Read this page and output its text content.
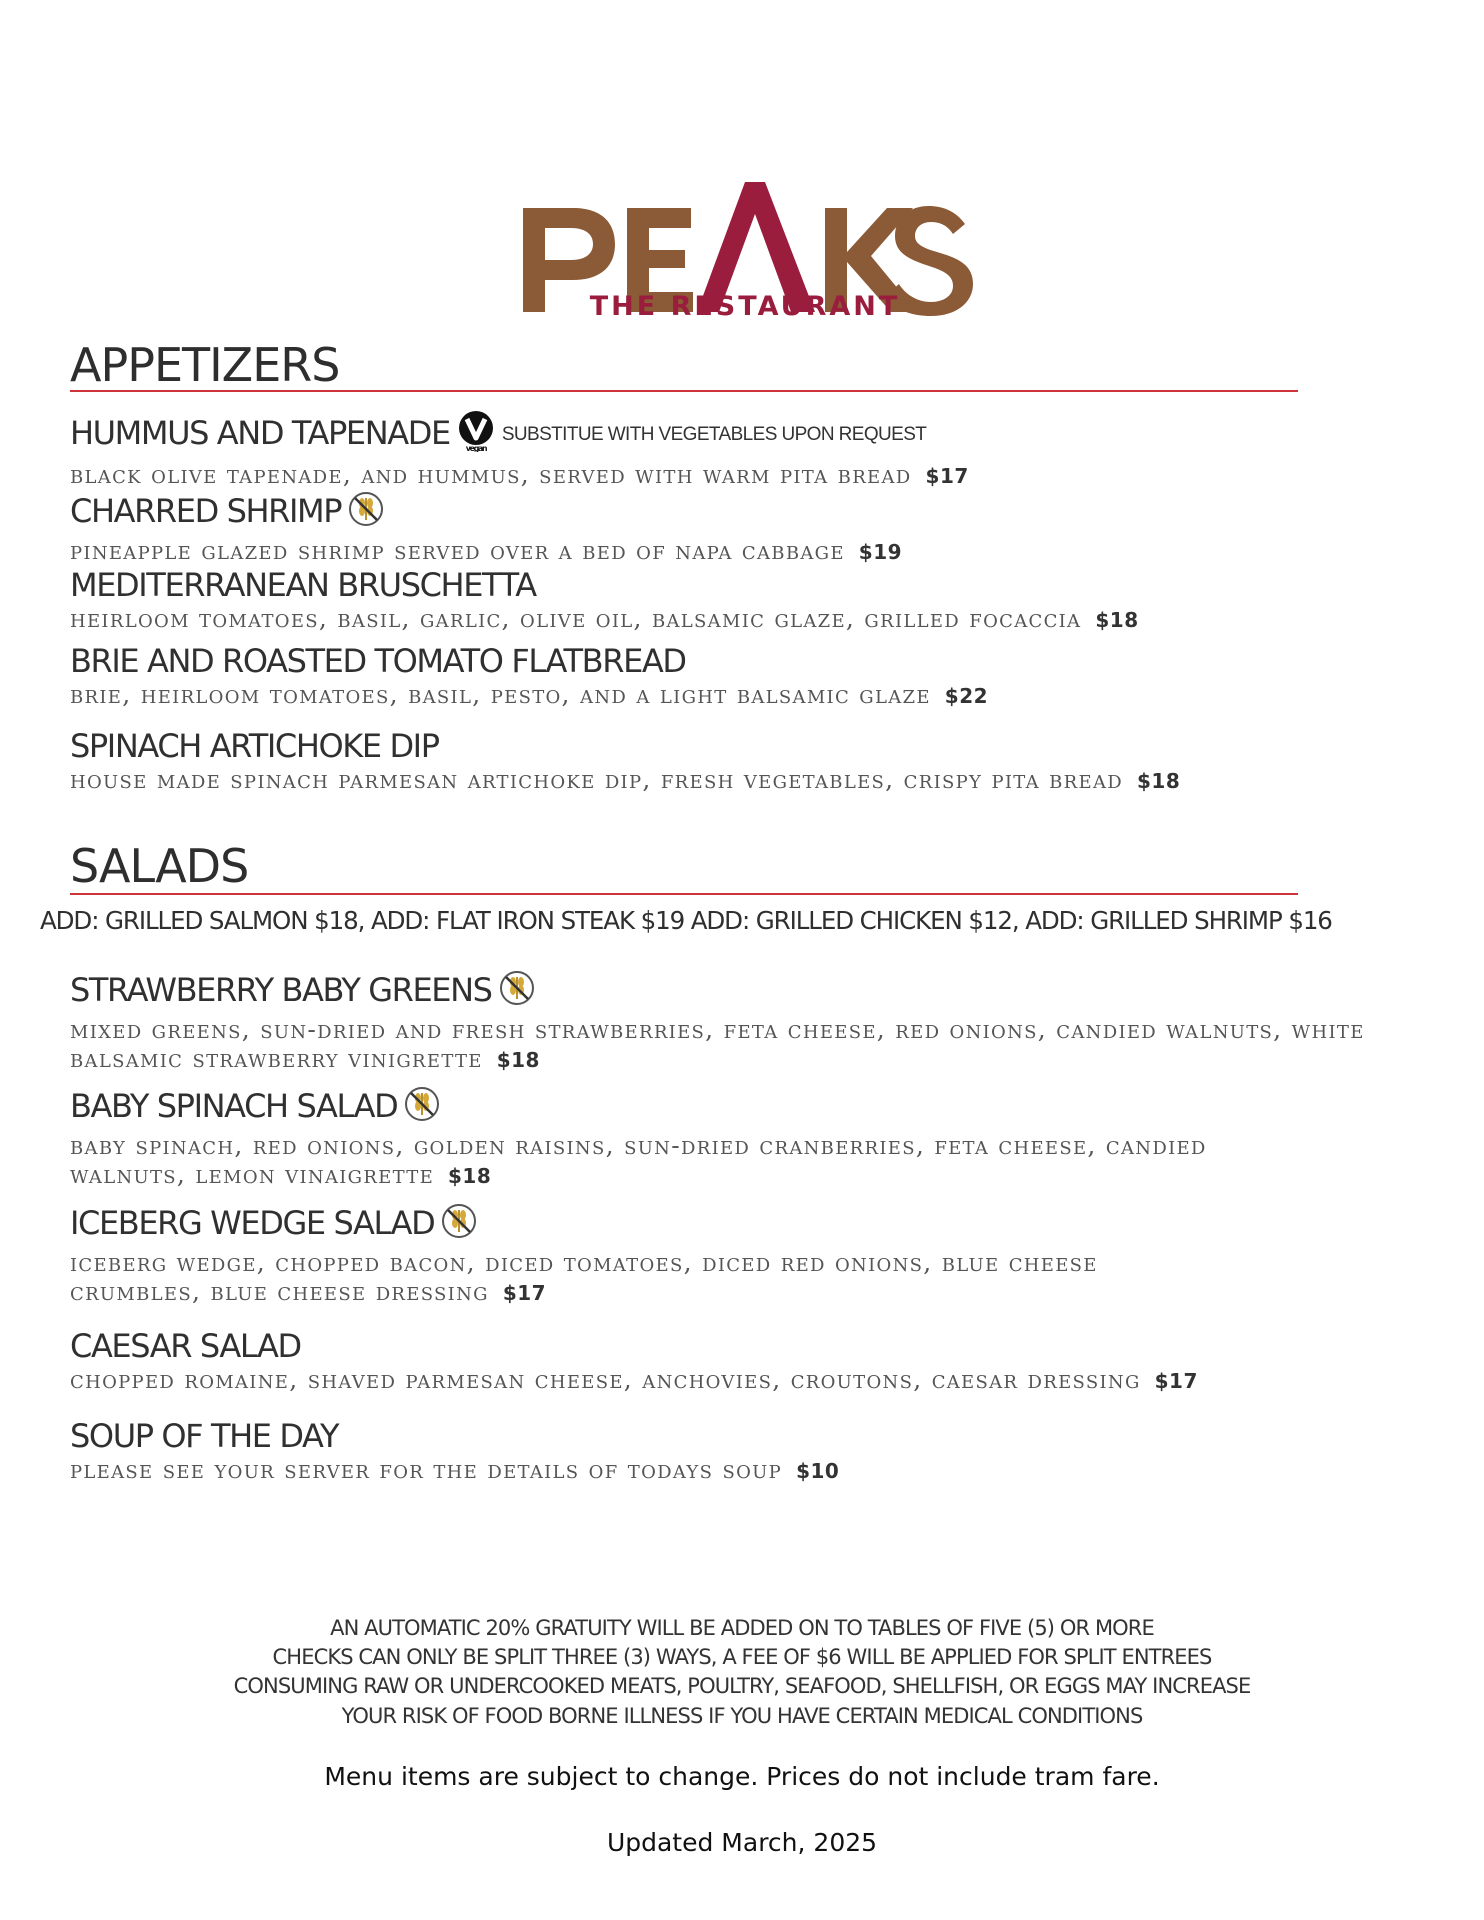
THE RESTAURANT
APPETIZERS
HUMMUS AND TAPENADE vegan
SUBSTITUE WITH VEGETABLES UPON REQUEST
black olive tapenade, and hummus, served with warm pita bread $17
CHARRED SHRIMP
pineapple glazed shrimp served over a bed of napa cabbage $19
MEDITERRANEAN BRUSCHETTA
heirloom tomatoes, basil, garlic, olive oil, balsamic glaze, grilled focaccia $18
BRIE AND ROASTED TOMATO FLATBREAD
brie, heirloom tomatoes, basil, pesto, and a light balsamic glaze $22
SPINACH ARTICHOKE DIP
house made spinach parmesan artichoke dip, fresh vegetables, crispy pita bread $18
SALADS
ADD: GRILLED SALMON $18, ADD: FLAT IRON STEAK $19 ADD: GRILLED CHICKEN $12, ADD: GRILLED SHRIMP $16
STRAWBERRY BABY GREENS
mixed greens, sun-dried and fresh strawberries, feta cheese, red onions, candied walnuts, white balsamic strawberry vinigrette $18
BABY SPINACH SALAD
baby spinach, red onions, golden raisins, sun-dried cranberries, feta cheese, candied walnuts, lemon vinaigrette $18
ICEBERG WEDGE SALAD
iceberg wedge, chopped bacon, diced tomatoes, diced red onions, blue cheese crumbles, blue cheese dressing $17
CAESAR SALAD
chopped romaine, shaved parmesan cheese, anchovies, croutons, caesar dressing $17
SOUP OF THE DAY
please see your server for the details of todays soup $10
AN AUTOMATIC 20% GRATUITY WILL BE ADDED ON TO TABLES OF FIVE (5) OR MORE
CHECKS CAN ONLY BE SPLIT THREE (3) WAYS, A FEE OF $6 WILL BE APPLIED FOR SPLIT ENTREES
CONSUMING RAW OR UNDERCOOKED MEATS, POULTRY, SEAFOOD, SHELLFISH, OR EGGS MAY INCREASE
YOUR RISK OF FOOD BORNE ILLNESS IF YOU HAVE CERTAIN MEDICAL CONDITIONS
Menu items are subject to change. Prices do not include tram fare.
Updated March, 2025
